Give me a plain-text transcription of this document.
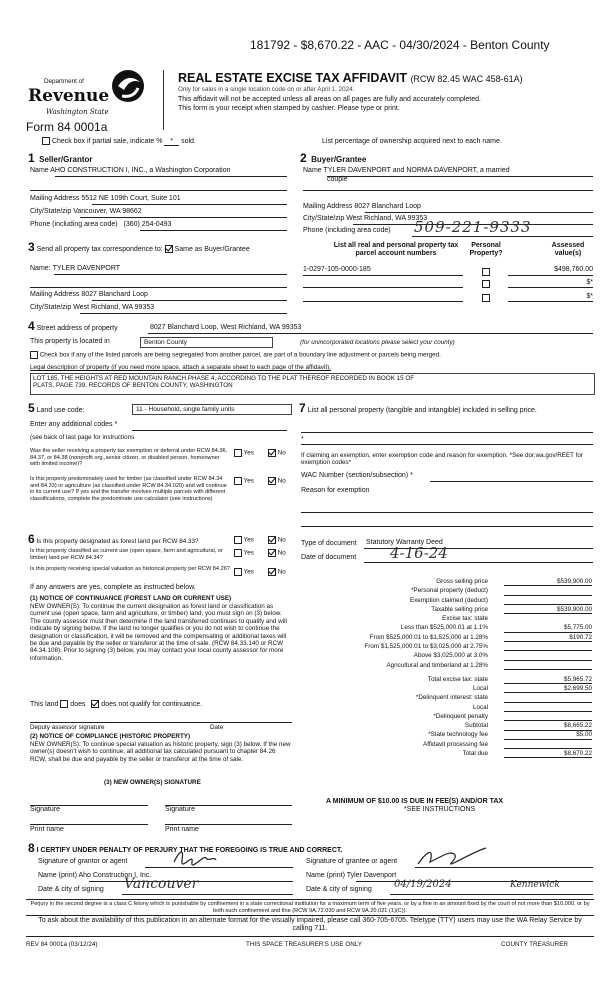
181792 - $8,670.22 - AAC - 04/30/2024 - Benton County
Department of
Revenue
Washington State
Form 84 0001a
REAL ESTATE EXCISE TAX AFFIDAVIT (RCW 82.45 WAC 458-61A)
Only for sales in a single location code on or after April 1, 2024.
This affidavit will not be accepted unless all areas on all pages are fully and accurately completed.
This form is your receipt when stamped by cashier. Please type or print.
Check box if partial sale, indicate % * sold.	List percentage of ownership acquired next to each name.
1 Seller/Grantor
Name AHO CONSTRUCTION I, INC., a Washington Corporation
Mailing Address 5512 NE 109th Court, Suite 101
City/State/zip Vancouver, WA 98662
Phone (including area code) (360) 254-0493
2 Buyer/Grantee
Name TYLER DAVENPORT and NORMA DAVENPORT, a married
couple
Mailing Address 8027 Blanchard Loop
City/State/zip West Richland, WA 99353
Phone (including area code) 509-221-9333
3 Send all property tax correspondence to: Same as Buyer/Grantee
Name: TYLER DAVENPORT
Mailing Address 8027 Blanchard Loop
City/State/zip West Richland, WA 99353
List all real and personal property tax
parcel account numbers
Personal
Property?
Assessed
value(s)
1-0297-105-0000-185	$498,760.00
$*
$*
4 Street address of property	8027 Blanchard Loop, West Richland, WA 99353
This property is located in	Benton County	(for unincorporated locations please select your county)
Check box if any of the listed parcels are being segregated from another parcel, are part of a boundary line adjustment or parcels being merged.
Legal description of property (if you need more space, attach a separate sheet to each page of the affidavit).
LOT 185, THE HEIGHTS AT RED MOUNTAIN RANCH PHASE 4, ACCORDING TO THE PLAT THEREOF RECORDED IN BOOK 15 OF
PLATS, PAGE 739, RECORDS OF BENTON COUNTY, WASHINGTON
5 Land use code:	11 - Household, single family units
Enter any additional codes *
(see back of last page for instructions
Was the seller receiving a property tax exemption or deferral under RCW 84.36, 84.37, or 84.38 (nonprofit org.,senior citizen, or disabled person, homeowner with limited income)?
Yes	No
Is this property predominately used for timber (as classified under RCW 84.34 and 84.33) or agriculture (as classified under RCW 84.34.020) and will continue in its current use? If yes and the transfer involves multiple parcels with different classifications, complete the predominate use calculator (see instructions)
Yes	No
7 List all personal property (tangible and intangible) included in selling price.
*
If claiming an exemption, enter exemption code and reason for exemption. *See dor.wa.gov/REET for exemption codes*
WAC Number (section/subsection) *
Reason for exemption
6 Is this property designated as forest land per RCW 84.33?	Yes	No
Is this property classified as current use (open space, farm and agricultural, or timber) land per RCW 84.34?
Yes	No
Is this property receiving special valuation as historical property per RCW 84.26?	Yes	No
If any answers are yes, complete as instructed below.
(1) NOTICE OF CONTINUANCE (FOREST LAND OR CURRENT USE)
NEW OWNER(S): To continue the current designation as forest land or classification as current use (open space, farm and agriculture, or timber) land, you must sign on (3) below. The county assessor must then determine if the land transferred continues to qualify and will indicate by signing below. If the land no longer qualifies or you do not wish to continue the designation or classification, it will be removed and the compensating or additional taxes will be due and payable by the seller or transferor at the time of sale. (RCW 84.33.140 or RCW 84.34.108). Prior to signing (3) below, you may contact your local county assessor for more information.
This land does does not qualify for continuance.
Deputy assessor signature	Date
(2) NOTICE OF COMPLIANCE (HISTORIC PROPERTY)
NEW OWNER(S): To continue special valuation as historic property, sign (3) below. If the new owner(s) doesn't wish to continue, all additional tax calculated pursuant to chapter 84.26 RCW, shall be due and payable by the seller or transferor at the time of sale.
(3) NEW OWNER(S) SIGNATURE
Signature	Signature
Print name	Print name
Type of document Statutory Warranty Deed
Date of document 4-16-24
Gross selling price	$539,900.00
*Personal property (deduct)

Exemption claimed (deduct)

Taxable selling price	$539,900.00
Excise tax: state

Less than $525,000.01 at 1.1%	$5,775.00
From $525,000.01 to $1,525,000 at 1.28%	$190.72
From $1,525,000.01 to $3,025,000 at 2.75%

Above $3,025,000 at 3.0%

Agricultural and timberland at 1.28%

Total excise tax: state	$5,965.72
Local	$2,699.50
*Delinquent interest: state

Local

*Delinquent penalty

Subtotal	$8,665.22
*State technology fee	$5.00
Affidavit processing fee

Total due	$8,670.22
A MINIMUM OF $10.00 IS DUE IN FEE(S) AND/OR TAX
*SEE INSTRUCTIONS
8 I CERTIFY UNDER PENALTY OF PERJURY THAT THE FOREGOING IS TRUE AND CORRECT.
Signature of grantor or agent	Signature of grantee or agent
Name (print) Aho Construction I, Inc.	Name (print) Tyler Davenport
Date & city of signing Vancouver	Date & city of signing 04/19/2024	Kennewick
Perjury in the second degree is a class C felony which is punishable by confinement in a state correctional institution for a maximum term of five years, or by a fine in an amount fixed by the court of not more than $10,000, or by both such confinement and fine (RCW 9A.72.030 and RCW 9A.20.021 (1)(C)).
To ask about the availability of this publication in an alternate format for the visually impaired, please call 360-705-6705. Teletype (TTY) users may use the WA Relay Service by calling 711.
REV 84 0001a (03/12/24)	THIS SPACE TREASURER'S USE ONLY	COUNTY TREASURER
